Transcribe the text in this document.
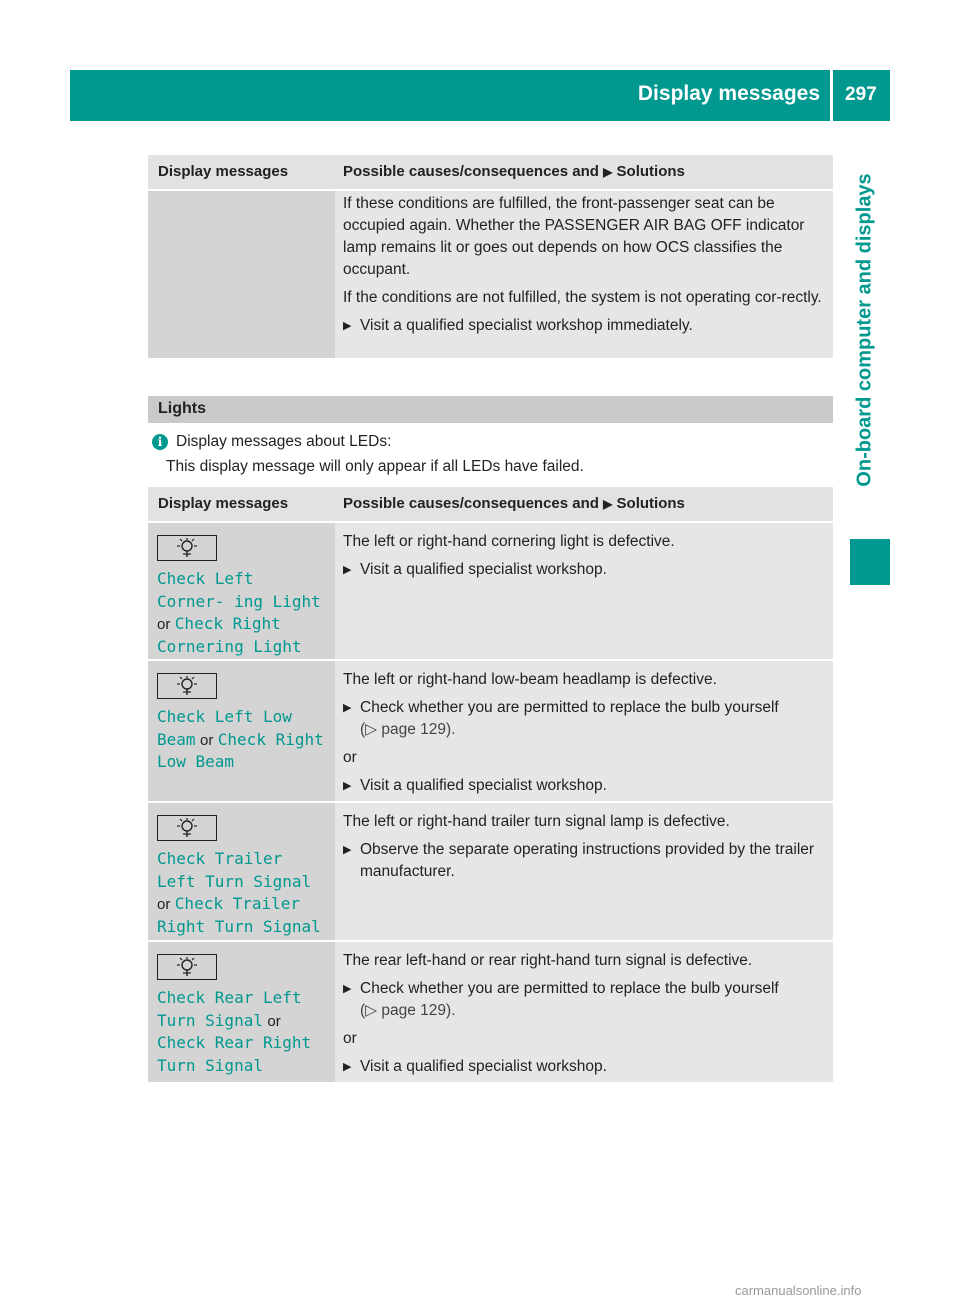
Display messages 297
On-board computer and displays
Display messages	Possible causes/consequences and ▶ Solutions

If these conditions are fulfilled, the front-passenger seat can be occupied again. Whether the PASSENGER AIR BAG OFF indicator lamp remains lit or goes out depends on how OCS classifies the occupant.

If the conditions are not fulfilled, the system is not operating cor-rectly.

▶ Visit a qualified specialist workshop immediately.
Lights
i Display messages about LEDs:
This display message will only appear if all LEDs have failed.
Display messages	Possible causes/consequences and ▶ Solutions
Check Left Corner‐ ing Light or Check Right Cornering Light

The left or right-hand cornering light is defective.

▶ Visit a qualified specialist workshop.
Check Left Low Beam or Check Right Low Beam

The left or right-hand low-beam headlamp is defective.

▶ Check whether you are permitted to replace the bulb yourself
(▷ page 129).

or

▶ Visit a qualified specialist workshop.
Check Trailer Left Turn Signal or Check Trailer Right Turn Signal

The left or right-hand trailer turn signal lamp is defective.

▶ Observe the separate operating instructions provided by the trailer manufacturer.
Check Rear Left Turn Signal or Check Rear Right Turn Signal

The rear left-hand or rear right-hand turn signal is defective.

▶ Check whether you are permitted to replace the bulb yourself
(▷ page 129).

or

▶ Visit a qualified specialist workshop.
carmanualsonline.info
